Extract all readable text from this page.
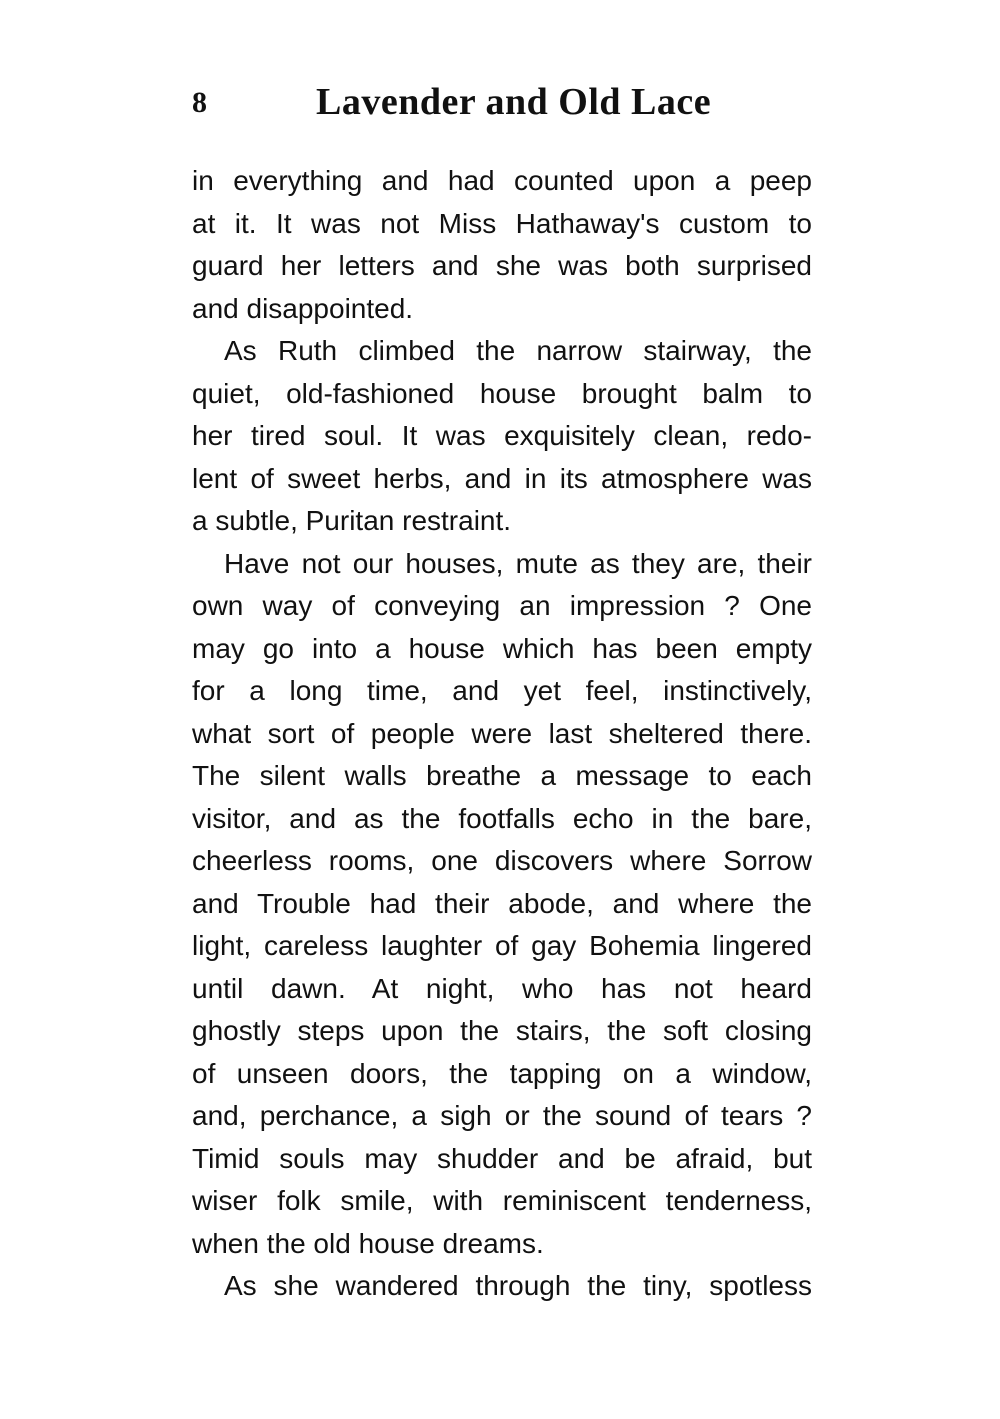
8	Lavender and Old Lace
in everything and had counted upon a peep
at it. It was not Miss Hathaway's custom to
guard her letters and she was both surprised
and disappointed.
As Ruth climbed the narrow stairway, the
quiet, old-fashioned house brought balm to
her tired soul. It was exquisitely clean, redo-
lent of sweet herbs, and in its atmosphere was
a subtle, Puritan restraint.
Have not our houses, mute as they are, their
own way of conveying an impression ? One
may go into a house which has been empty
for a long time, and yet feel, instinctively,
what sort of people were last sheltered there.
The silent walls breathe a message to each
visitor, and as the footfalls echo in the bare,
cheerless rooms, one discovers where Sorrow
and Trouble had their abode, and where the
light, careless laughter of gay Bohemia lingered
until dawn. At night, who has not heard
ghostly steps upon the stairs, the soft closing
of unseen doors, the tapping on a window,
and, perchance, a sigh or the sound of tears ?
Timid souls may shudder and be afraid, but
wiser folk smile, with reminiscent tenderness,
when the old house dreams.
As she wandered through the tiny, spotless
